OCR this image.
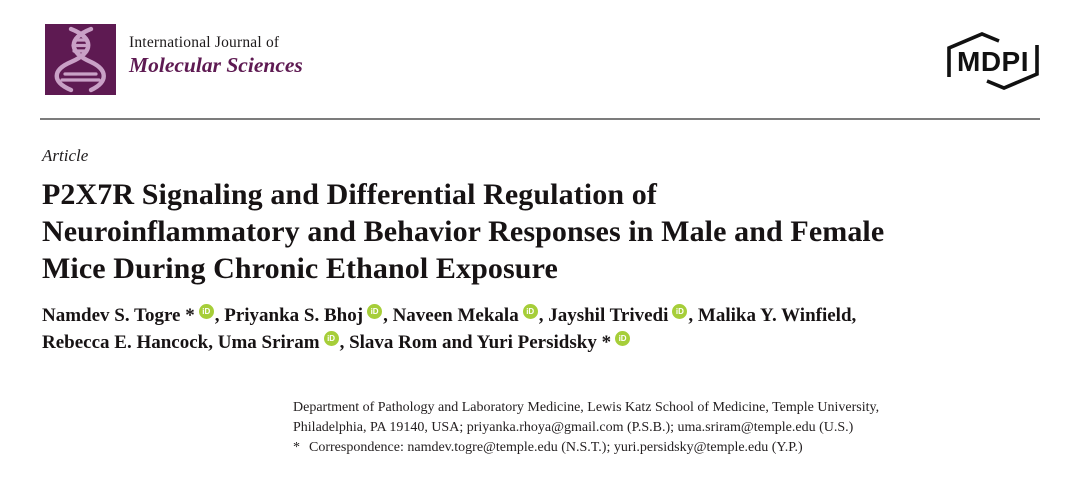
International Journal of
Molecular Sciences	MDPI
Article
P2X7R Signaling and Differential Regulation of
Neuroinflammatory and Behavior Responses in Male and Female
Mice During Chronic Ethanol Exposure
Namdev S. Togre * iD , Priyanka S. Bhoj iD , Naveen Mekala iD , Jayshil Trivedi iD , Malika Y. Winfield,
Rebecca E. Hancock, Uma Sriram iD , Slava Rom and Yuri Persidsky * iD
Department of Pathology and Laboratory Medicine, Lewis Katz School of Medicine, Temple University,
Philadelphia, PA 19140, USA; priyanka.rhoya@gmail.com (P.S.B.); uma.sriram@temple.edu (U.S.)
* Correspondence: namdev.togre@temple.edu (N.S.T.); yuri.persidsky@temple.edu (Y.P.)
